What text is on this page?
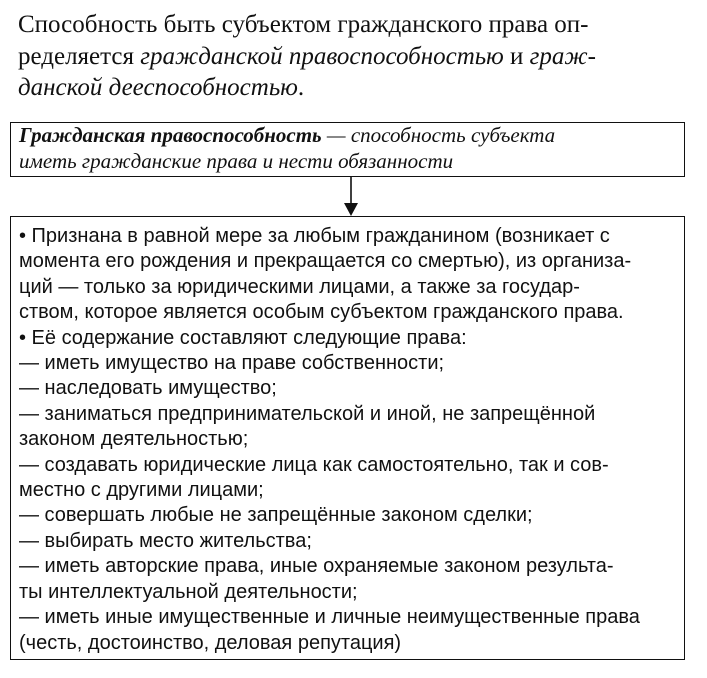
Способность быть субъектом гражданского права оп-
ределяется гражданской правоспособностью и граж-
данской дееспособностью.
Гражданская правоспособность — способность субъекта
иметь гражданские права и нести обязанности
• Признана в равной мере за любым гражданином (возникает с
момента его рождения и прекращается со смертью), из организа-
ций — только за юридическими лицами, а также за государ-
ством, которое является особым субъектом гражданского права.
• Её содержание составляют следующие права:
— иметь имущество на праве собственности;
— наследовать имущество;
— заниматься предпринимательской и иной, не запрещённой
законом деятельностью;
— создавать юридические лица как самостоятельно, так и сов-
местно с другими лицами;
— совершать любые не запрещённые законом сделки;
— выбирать место жительства;
— иметь авторские права, иные охраняемые законом результа-
ты интеллектуальной деятельности;
— иметь иные имущественные и личные неимущественные права
(честь, достоинство, деловая репутация)
